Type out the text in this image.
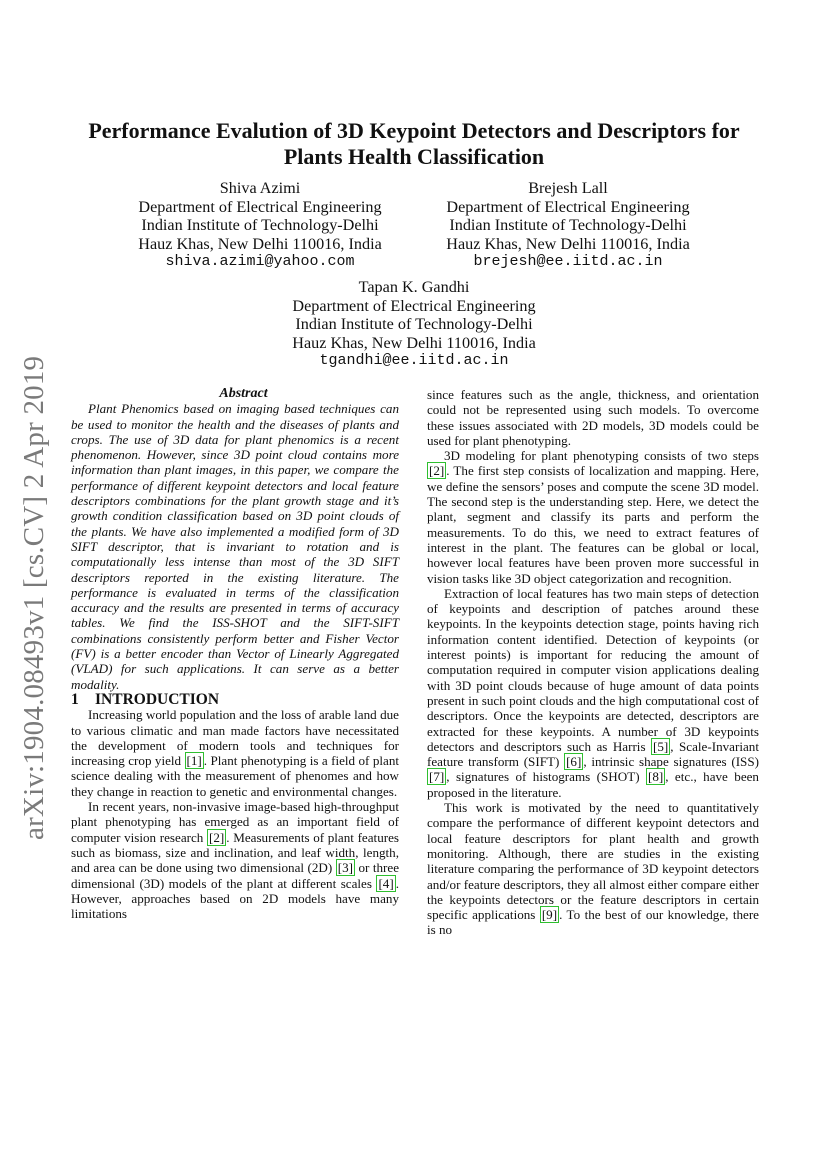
arXiv:1904.08493v1 [cs.CV] 2 Apr 2019
Performance Evalution of 3D Keypoint Detectors and Descriptors for Plants Health Classification
Shiva Azimi
Department of Electrical Engineering
Indian Institute of Technology-Delhi
Hauz Khas, New Delhi 110016, India
shiva.azimi@yahoo.com
Brejesh Lall
Department of Electrical Engineering
Indian Institute of Technology-Delhi
Hauz Khas, New Delhi 110016, India
brejesh@ee.iitd.ac.in
Tapan K. Gandhi
Department of Electrical Engineering
Indian Institute of Technology-Delhi
Hauz Khas, New Delhi 110016, India
tgandhi@ee.iitd.ac.in

Abstract

Plant Phenomics based on imaging based techniques can be used to monitor the health and the diseases of plants and crops. The use of 3D data for plant phenomics is a recent phenomenon. However, since 3D point cloud contains more information than plant images, in this paper, we compare the performance of different keypoint detectors and local feature descriptors combinations for the plant growth stage and it’s growth condition classification based on 3D point clouds of the plants. We have also implemented a modified form of 3D SIFT descriptor, that is invariant to rotation and is computationally less intense than most of the 3D SIFT descriptors reported in the existing literature. The performance is evaluated in terms of the classification accuracy and the results are presented in terms of accuracy tables. We find the ISS-SHOT and the SIFT-SIFT combinations consistently perform better and Fisher Vector (FV) is a better encoder than Vector of Linearly Aggregated (VLAD) for such applications. It can serve as a better modality.

1 INTRODUCTION

Increasing world population and the loss of arable land due to various climatic and man made factors have necessitated the development of modern tools and techniques for increasing crop yield [1] . Plant phenotyping is a field of plant science dealing with the measurement of phenomes and how they change in reaction to genetic and environmental changes.

In recent years, non-invasive image-based high-throughput plant phenotyping has emerged as an important field of computer vision research [2] . Measurements of plant features such as biomass, size and inclination, and leaf width, length, and area can be done using two dimensional (2D) [3] or three dimensional (3D) models of the plant at different scales [4] . However, approaches based on 2D models have many limitations

since features such as the angle, thickness, and orientation could not be represented using such models. To overcome these issues associated with 2D models, 3D models could be used for plant phenotyping.

3D modeling for plant phenotyping consists of two steps [2] . The first step consists of localization and mapping. Here, we define the sensors’ poses and compute the scene 3D model. The second step is the understanding step. Here, we detect the plant, segment and classify its parts and perform the measurements. To do this, we need to extract features of interest in the plant. The features can be global or local, however local features have been proven more successful in vision tasks like 3D object categorization and recognition.

Extraction of local features has two main steps of detection of keypoints and description of patches around these keypoints. In the keypoints detection stage, points having rich information content identified. Detection of keypoints (or interest points) is important for reducing the amount of computation required in computer vision applications dealing with 3D point clouds because of huge amount of data points present in such point clouds and the high computational cost of descriptors. Once the keypoints are detected, descriptors are extracted for these keypoints. A number of 3D keypoints detectors and descriptors such as Harris [5] , Scale-Invariant feature transform (SIFT) [6] , intrinsic shape signatures (ISS) [7] , signatures of histograms (SHOT) [8] , etc., have been proposed in the literature.

This work is motivated by the need to quantitatively compare the performance of different keypoint detectors and local feature descriptors for plant health and growth monitoring. Although, there are studies in the existing literature comparing the performance of 3D keypoint detectors and/or feature descriptors, they all almost either compare either the keypoints detectors or the feature descriptors in certain specific applications [9] . To the best of our knowledge, there is no
